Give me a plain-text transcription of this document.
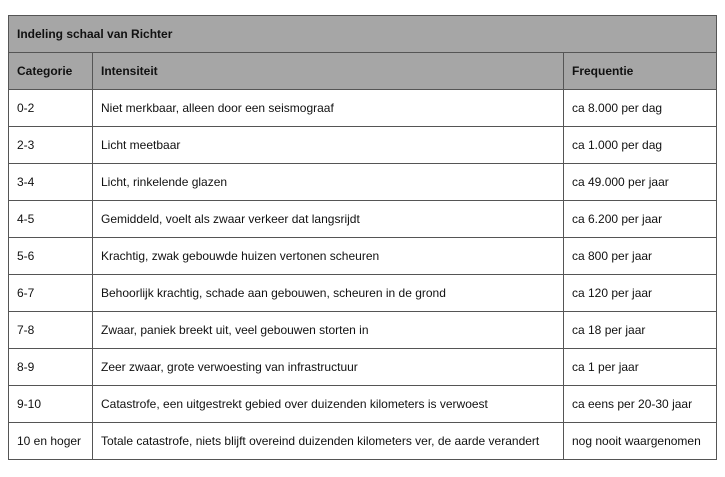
Indeling schaal van Richter		
Categorie	Intensiteit	Frequentie
0-2	Niet merkbaar, alleen door een seismograaf	ca 8.000 per dag
2-3	Licht meetbaar	ca 1.000 per dag
3-4	Licht, rinkelende glazen	ca 49.000 per jaar
4-5	Gemiddeld, voelt als zwaar verkeer dat langsrijdt	ca 6.200 per jaar
5-6	Krachtig, zwak gebouwde huizen vertonen scheuren	ca 800 per jaar
6-7	Behoorlijk krachtig, schade aan gebouwen, scheuren in de grond	ca 120 per jaar
7-8	Zwaar, paniek breekt uit, veel gebouwen storten in	ca 18 per jaar
8-9	Zeer zwaar, grote verwoesting van infrastructuur	ca 1 per jaar
9-10	Catastrofe, een uitgestrekt gebied over duizenden kilometers is verwoest	ca eens per 20-30 jaar
10 en hoger	Totale catastrofe, niets blijft overeind duizenden kilometers ver, de aarde verandert	nog nooit waargenomen
